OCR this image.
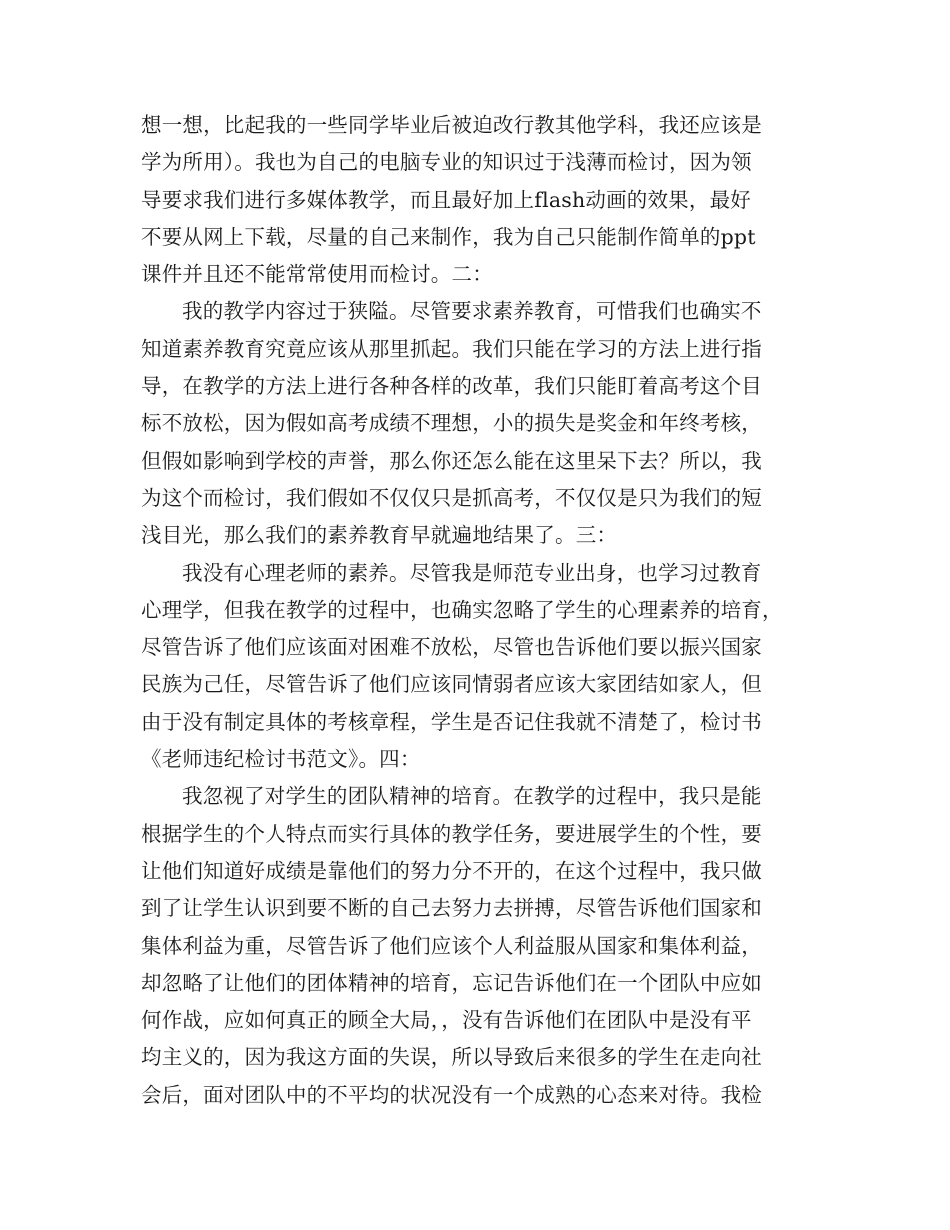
想一想，比起我的一些同学毕业后被迫改行教其他学科，我还应该是
学为所用）。我也为自己的电脑专业的知识过于浅薄而检讨，因为领
导要求我们进行多媒体教学，而且最好加上flash动画的效果，最好
不要从网上下载，尽量的自己来制作，我为自己只能制作简单的ppt
课件并且还不能常常使用而检讨。二：
我的教学内容过于狭隘。尽管要求素养教育，可惜我们也确实不
知道素养教育究竟应该从那里抓起。我们只能在学习的方法上进行指
导，在教学的方法上进行各种各样的改革，我们只能盯着高考这个目
标不放松，因为假如高考成绩不理想，小的损失是奖金和年终考核，
但假如影响到学校的声誉，那么你还怎么能在这里呆下去？所以，我
为这个而检讨，我们假如不仅仅只是抓高考，不仅仅是只为我们的短
浅目光，那么我们的素养教育早就遍地结果了。三：
我没有心理老师的素养。尽管我是师范专业出身，也学习过教育
心理学，但我在教学的过程中，也确实忽略了学生的心理素养的培育，
尽管告诉了他们应该面对困难不放松，尽管也告诉他们要以振兴国家
民族为己任，尽管告诉了他们应该同情弱者应该大家团结如家人，但
由于没有制定具体的考核章程，学生是否记住我就不清楚了，检讨书
《老师违纪检讨书范文》。四：
我忽视了对学生的团队精神的培育。在教学的过程中，我只是能
根据学生的个人特点而实行具体的教学任务，要进展学生的个性，要
让他们知道好成绩是靠他们的努力分不开的，在这个过程中，我只做
到了让学生认识到要不断的自己去努力去拼搏，尽管告诉他们国家和
集体利益为重，尽管告诉了他们应该个人利益服从国家和集体利益，
却忽略了让他们的团体精神的培育，忘记告诉他们在一个团队中应如
何作战，应如何真正的顾全大局，，没有告诉他们在团队中是没有平
均主义的，因为我这方面的失误，所以导致后来很多的学生在走向社
会后，面对团队中的不平均的状况没有一个成熟的心态来对待。我检
